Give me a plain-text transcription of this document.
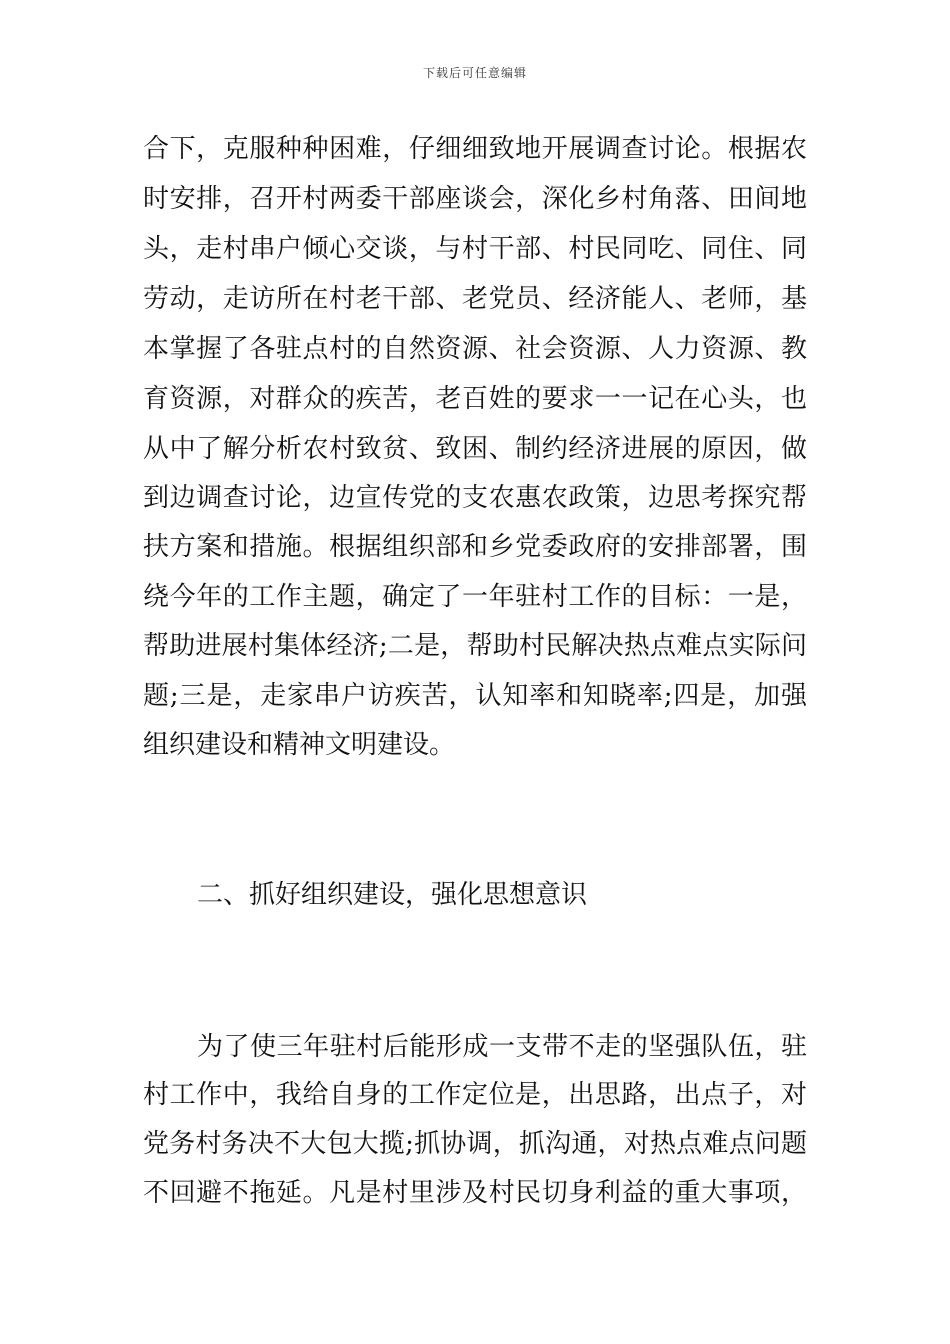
下载后可任意编辑
合下，克服种种困难，仔细细致地开展调查讨论。根据农
时安排，召开村两委干部座谈会，深化乡村角落、田间地
头，走村串户倾心交谈，与村干部、村民同吃、同住、同
劳动，走访所在村老干部、老党员、经济能人、老师，基
本掌握了各驻点村的自然资源、社会资源、人力资源、教
育资源，对群众的疾苦，老百姓的要求一一记在心头，也
从中了解分析农村致贫、致困、制约经济进展的原因，做
到边调查讨论，边宣传党的支农惠农政策，边思考探究帮
扶方案和措施。根据组织部和乡党委政府的安排部署，围
绕今年的工作主题，确定了一年驻村工作的目标：一是，
帮助进展村集体经济;二是，帮助村民解决热点难点实际问
题;三是，走家串户访疾苦，认知率和知晓率;四是，加强
组织建设和精神文明建设。
二、抓好组织建设，强化思想意识
为了使三年驻村后能形成一支带不走的坚强队伍，驻
村工作中，我给自身的工作定位是，出思路，出点子，对
党务村务决不大包大揽;抓协调，抓沟通，对热点难点问题
不回避不拖延。凡是村里涉及村民切身利益的重大事项，
